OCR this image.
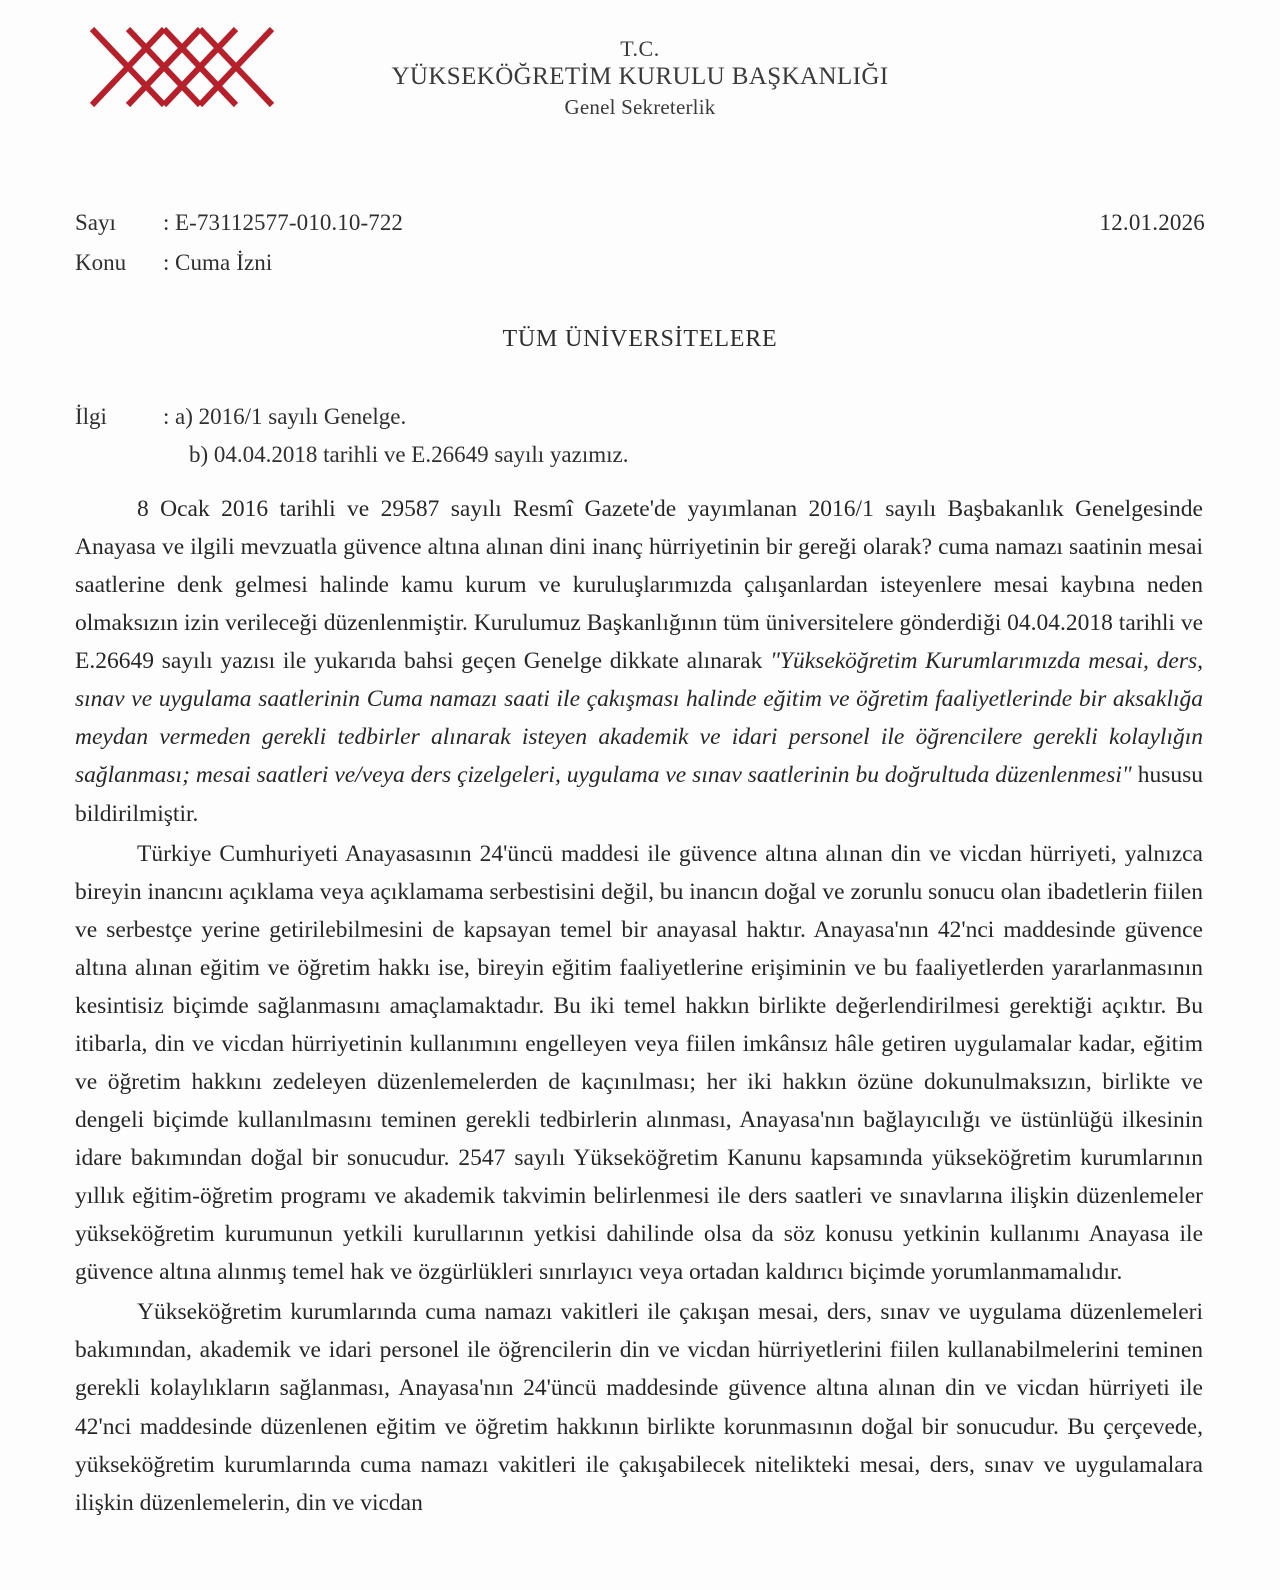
T.C.
YÜKSEKÖĞRETİM KURULU BAŞKANLIĞI
Genel Sekreterlik
Sayı	: E-73112577-010.10-722
Konu	: Cuma İzni
12.01.2026
TÜM ÜNİVERSİTELERE
İlgi	: a) 2016/1 sayılı Genelge.
b) 04.04.2018 tarihli ve E.26649 sayılı yazımız.

8 Ocak 2016 tarihli ve 29587 sayılı Resmî Gazete'de yayımlanan 2016/1 sayılı Başbakanlık Genelgesinde Anayasa ve ilgili mevzuatla güvence altına alınan dini inanç hürriyetinin bir gereği olarak? cuma namazı saatinin mesai saatlerine denk gelmesi halinde kamu kurum ve kuruluşlarımızda çalışanlardan isteyenlere mesai kaybına neden olmaksızın izin verileceği düzenlenmiştir. Kurulumuz Başkanlığının tüm üniversitelere gönderdiği 04.04.2018 tarihli ve E.26649 sayılı yazısı ile yukarıda bahsi geçen Genelge dikkate alınarak "Yükseköğretim Kurumlarımızda mesai, ders, sınav ve uygulama saatlerinin Cuma namazı saati ile çakışması halinde eğitim ve öğretim faaliyetlerinde bir aksaklığa meydan vermeden gerekli tedbirler alınarak isteyen akademik ve idari personel ile öğrencilere gerekli kolaylığın sağlanması; mesai saatleri ve/veya ders çizelgeleri, uygulama ve sınav saatlerinin bu doğrultuda düzenlenmesi" hususu bildirilmiştir.

Türkiye Cumhuriyeti Anayasasının 24'üncü maddesi ile güvence altına alınan din ve vicdan hürriyeti, yalnızca bireyin inancını açıklama veya açıklamama serbestisini değil, bu inancın doğal ve zorunlu sonucu olan ibadetlerin fiilen ve serbestçe yerine getirilebilmesini de kapsayan temel bir anayasal haktır. Anayasa'nın 42'nci maddesinde güvence altına alınan eğitim ve öğretim hakkı ise, bireyin eğitim faaliyetlerine erişiminin ve bu faaliyetlerden yararlanmasının kesintisiz biçimde sağlanmasını amaçlamaktadır. Bu iki temel hakkın birlikte değerlendirilmesi gerektiği açıktır. Bu itibarla, din ve vicdan hürriyetinin kullanımını engelleyen veya fiilen imkânsız hâle getiren uygulamalar kadar, eğitim ve öğretim hakkını zedeleyen düzenlemelerden de kaçınılması; her iki hakkın özüne dokunulmaksızın, birlikte ve dengeli biçimde kullanılmasını teminen gerekli tedbirlerin alınması, Anayasa'nın bağlayıcılığı ve üstünlüğü ilkesinin idare bakımından doğal bir sonucudur. 2547 sayılı Yükseköğretim Kanunu kapsamında yükseköğretim kurumlarının yıllık eğitim-öğretim programı ve akademik takvimin belirlenmesi ile ders saatleri ve sınavlarına ilişkin düzenlemeler yükseköğretim kurumunun yetkili kurullarının yetkisi dahilinde olsa da söz konusu yetkinin kullanımı Anayasa ile güvence altına alınmış temel hak ve özgürlükleri sınırlayıcı veya ortadan kaldırıcı biçimde yorumlanmamalıdır.

Yükseköğretim kurumlarında cuma namazı vakitleri ile çakışan mesai, ders, sınav ve uygulama düzenlemeleri bakımından, akademik ve idari personel ile öğrencilerin din ve vicdan hürriyetlerini fiilen kullanabilmelerini teminen gerekli kolaylıkların sağlanması, Anayasa'nın 24'üncü maddesinde güvence altına alınan din ve vicdan hürriyeti ile 42'nci maddesinde düzenlenen eğitim ve öğretim hakkının birlikte korunmasının doğal bir sonucudur. Bu çerçevede, yükseköğretim kurumlarında cuma namazı vakitleri ile çakışabilecek nitelikteki mesai, ders, sınav ve uygulamalara ilişkin düzenlemelerin, din ve vicdan
